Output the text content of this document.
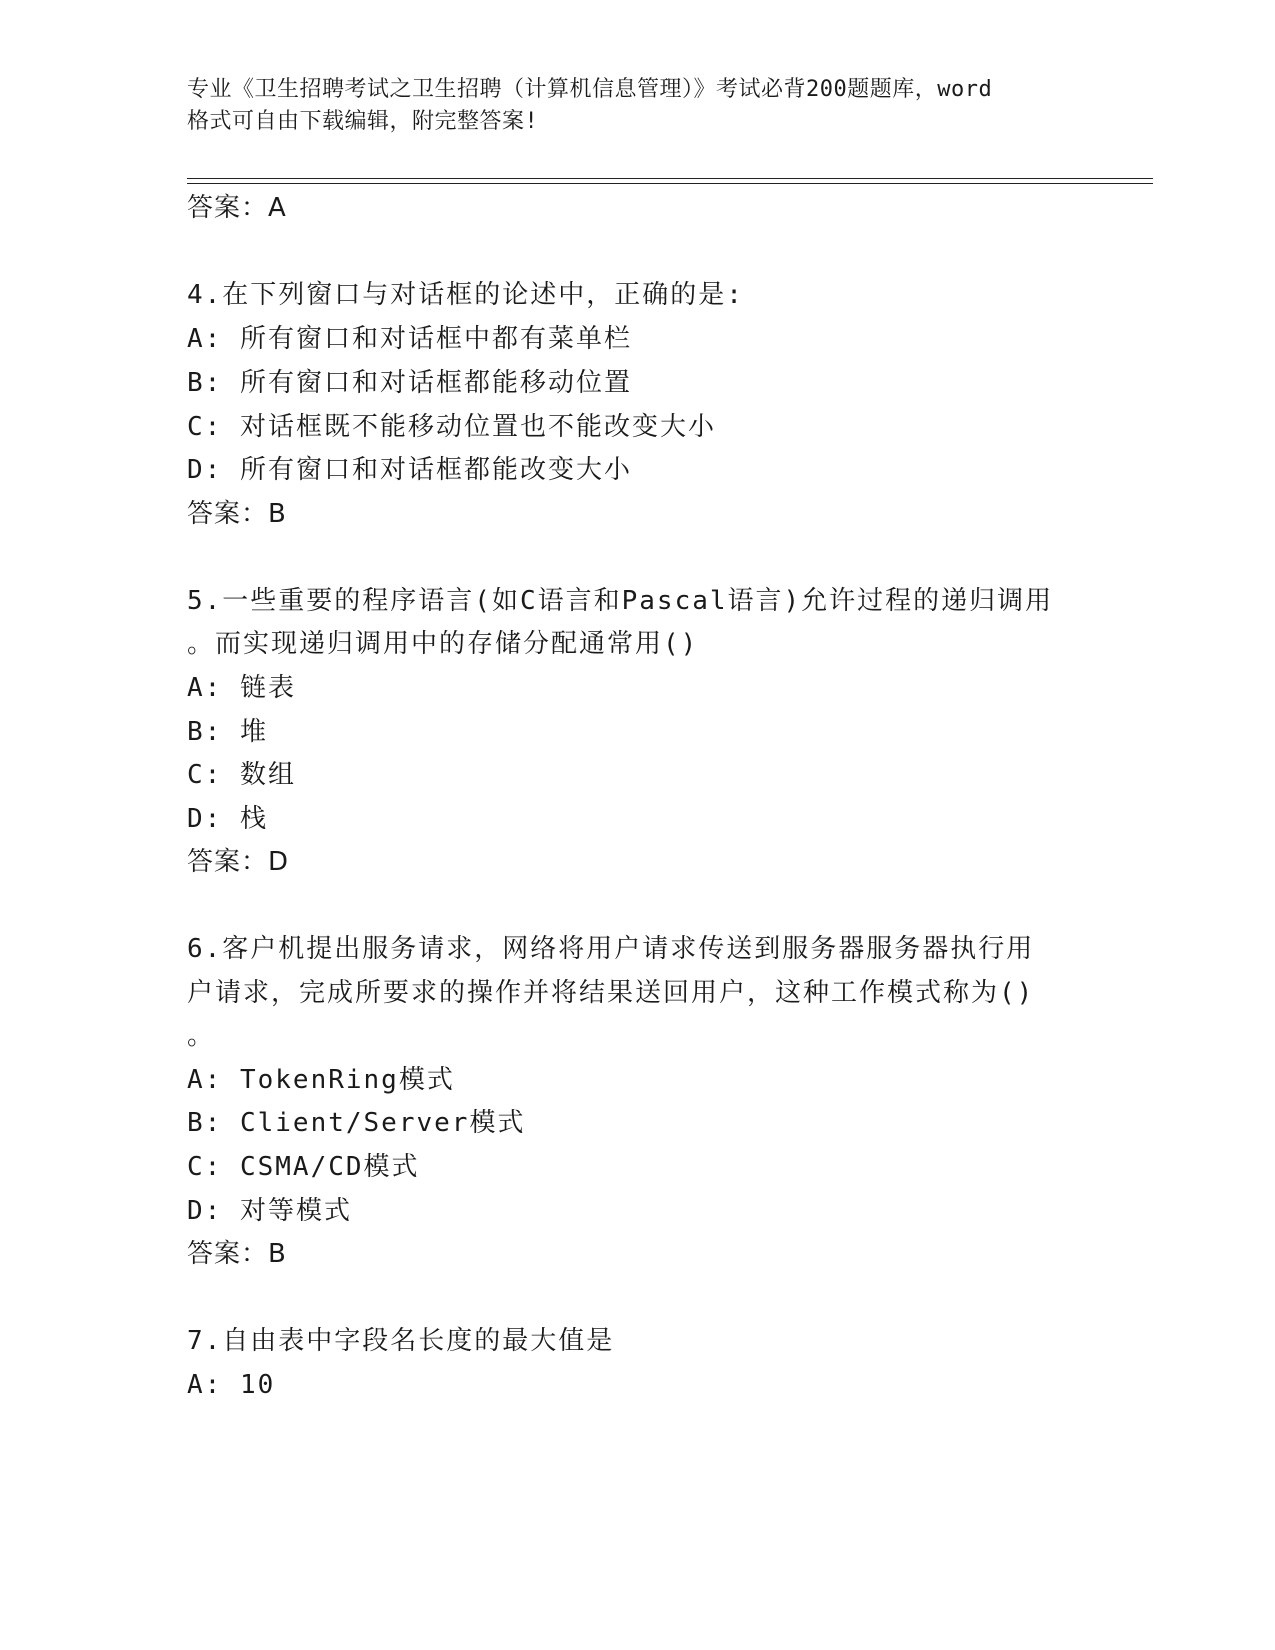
专业《卫生招聘考试之卫生招聘（计算机信息管理）》考试必背200题题库，word
格式可自由下载编辑，附完整答案!
答案：A
4.在下列窗口与对话框的论述中，正确的是:
A: 所有窗口和对话框中都有菜单栏
B: 所有窗口和对话框都能移动位置
C: 对话框既不能移动位置也不能改变大小
D: 所有窗口和对话框都能改变大小
答案：B
5.一些重要的程序语言(如C语言和Pascal语言)允许过程的递归调用
。而实现递归调用中的存储分配通常用()
A: 链表
B: 堆
C: 数组
D: 栈
答案：D
6.客户机提出服务请求，网络将用户请求传送到服务器服务器执行用
户请求，完成所要求的操作并将结果送回用户，这种工作模式称为()
。
A: TokenRing模式
B: Client/Server模式
C: CSMA/CD模式
D: 对等模式
答案：B
7.自由表中字段名长度的最大值是
A: 10
